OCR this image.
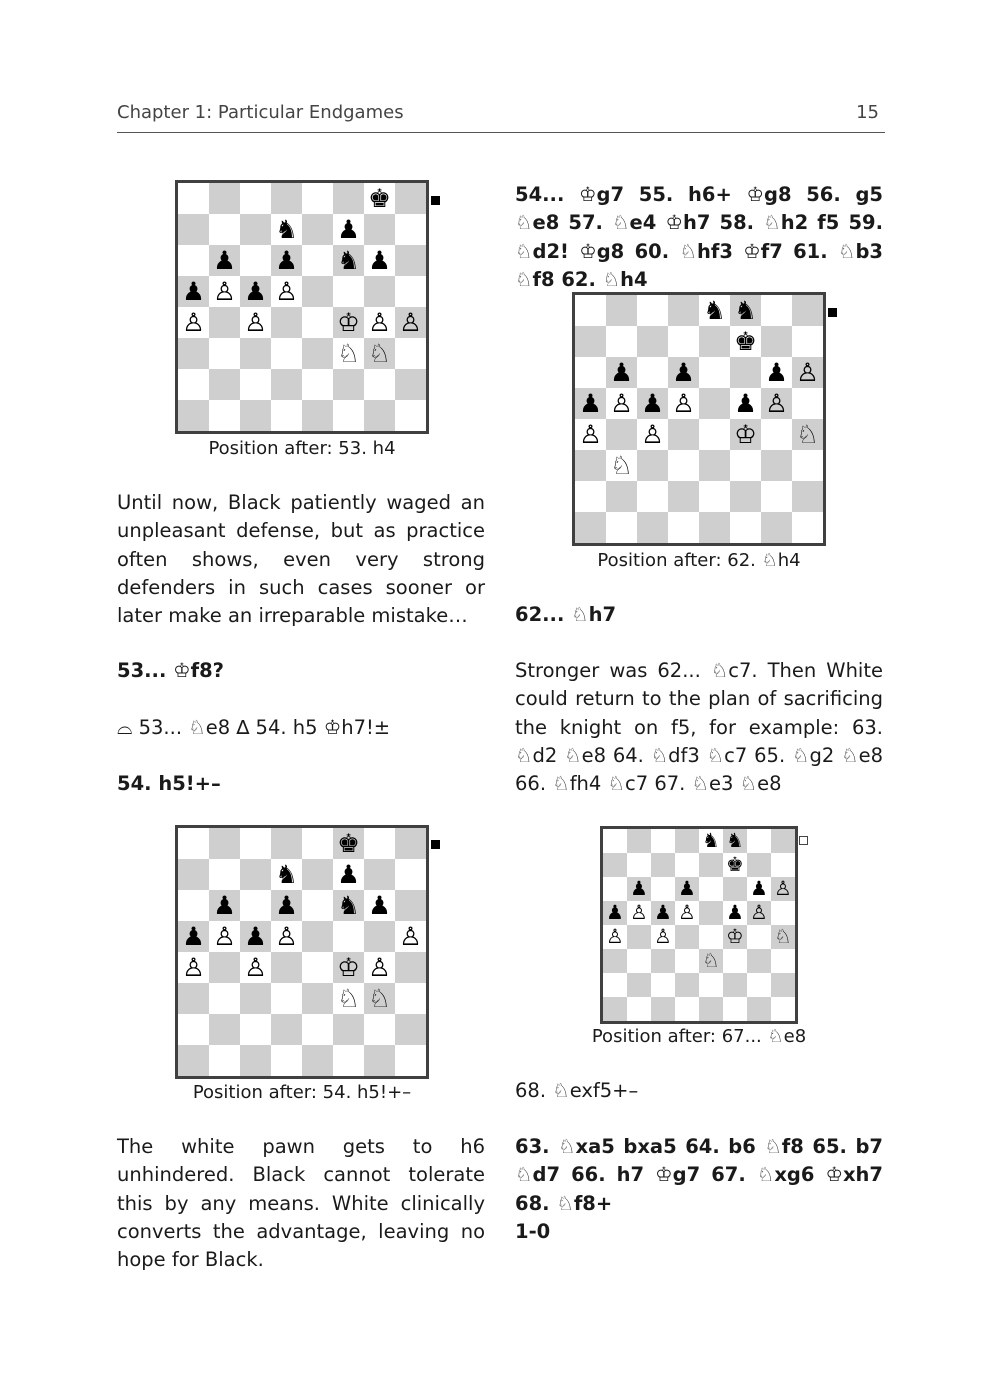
Chapter 1: Particular Endgames	15
♚
♞ ♟
♟ ♟ ♞ ♟
♟ ♙ ♟ ♙
♙ ♙	♔ ♙ ♙
♘ ♘
Position after: 53. h4
Until now, Black patiently waged an unpleasant defense, but as practice often shows, even very strong defenders in such cases sooner or later make an irreparable mistake…
53... ♔f8?
⌓ 53... ♘e8 ∆ 54. h5 ♔h7!±
54. h5!+–
♚
♞ ♟
♟ ♟ ♞ ♟
♟ ♙ ♟ ♙	♙
♙ ♙	♔ ♙
♘ ♘
Position after: 54. h5!+–
The white pawn gets to h6 unhindered. Black cannot tolerate this by any means. White clinically converts the advantage, leaving no hope for Black.
54... ♔g7 55. h6+ ♔g8 56. g5 ♘e8 57. ♘e4 ♔h7 58. ♘h2 f5 59. ♘d2! ♔g8 60. ♘hf3 ♔f7 61. ♘b3 ♘f8 62. ♘h4
♞ ♞
♚
♟ ♟	♟ ♙
♟ ♙ ♟ ♙ ♟ ♙
♙ ♙	♔ ♘
♘
Position after: 62. ♘h4
62... ♘h7
Stronger was 62... ♘c7. Then White could return to the plan of sacrificing the knight on f5, for example: 63. ♘d2 ♘e8 64. ♘df3 ♘c7 65. ♘g2 ♘e8 66. ♘fh4 ♘c7 67. ♘e3 ♘e8
♞ ♞
♚
♟ ♟	♟ ♙
♟ ♙ ♟ ♙ ♟ ♙
♙ ♙	♔ ♘
♘
Position after: 67... ♘e8
68. ♘exf5+–
63. ♘xa5 bxa5 64. b6 ♘f8 65. b7 ♘d7 66. h7 ♔g7 67. ♘xg6 ♔xh7 68. ♘f8+
1-0
